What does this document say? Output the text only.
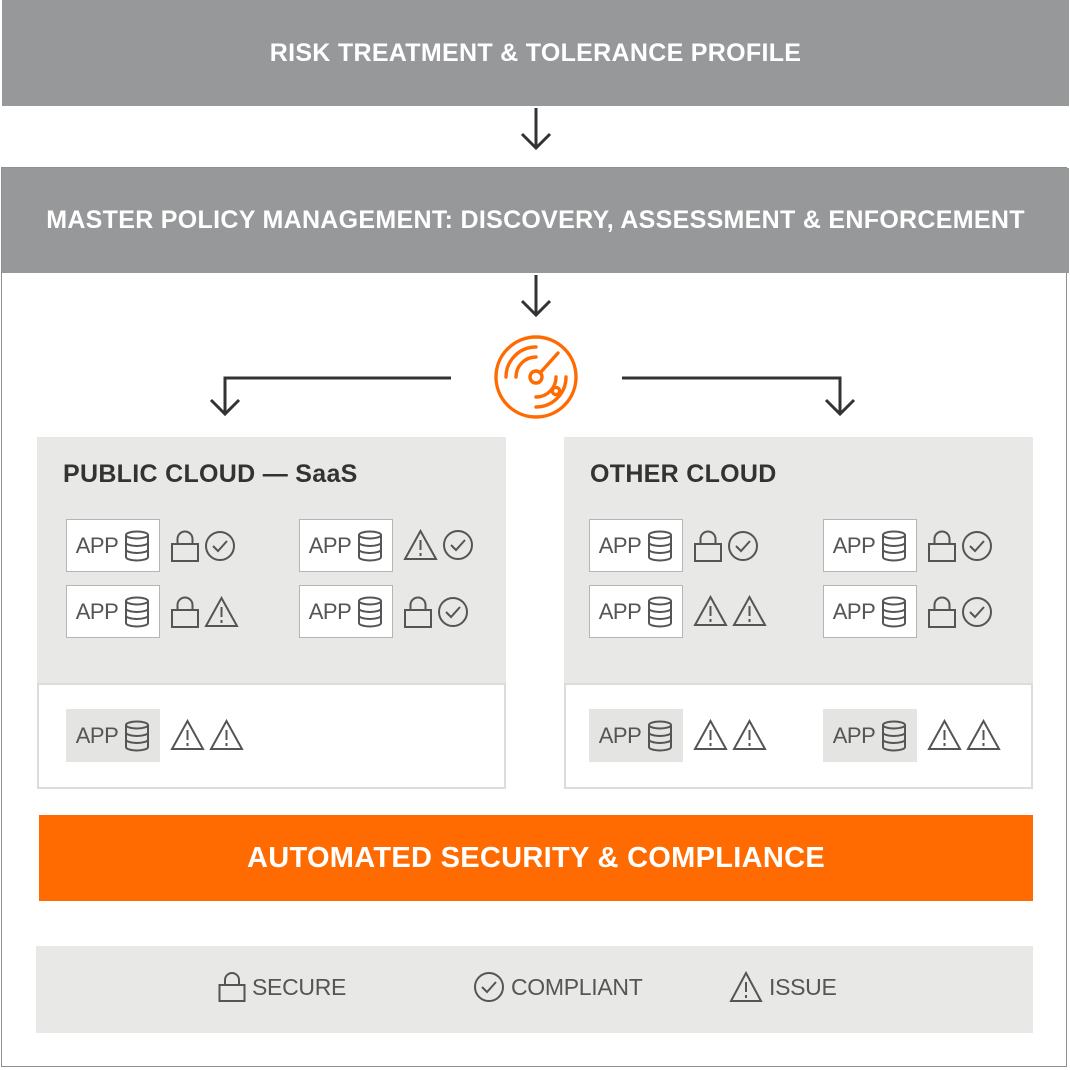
RISK TREATMENT & TOLERANCE PROFILE
MASTER POLICY MANAGEMENT: DISCOVERY, ASSESSMENT & ENFORCEMENT
PUBLIC CLOUD — SaaS	OTHER CLOUD
APP	APP
APP	APP
APP
APP	APP
APP	APP
APP	APP
AUTOMATED SECURITY & COMPLIANCE
SECURE	COMPLIANT	ISSUE
